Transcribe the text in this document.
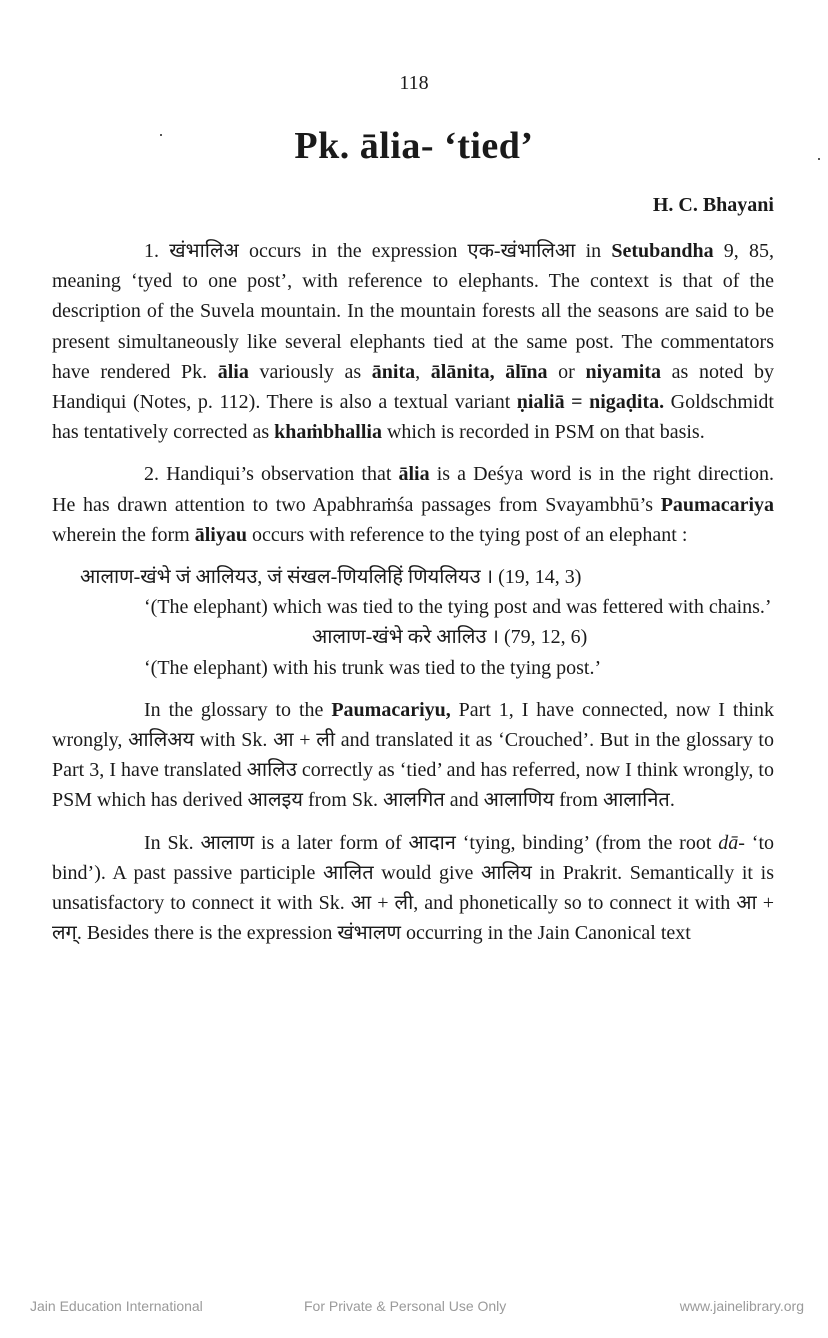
118
Pk. ālia- ‘tied’
H. C. Bhayani

1. खंभालिअ occurs in the expression एक-खंभालिआ in Setubandha 9, 85, meaning ‘tyed to one post’, with reference to elephants. The context is that of the description of the Suvela mountain. In the mountain forests all the seasons are said to be present simultaneously like several elephants tied at the same post. The commentators have rendered Pk. ālia variously as ānita, ālānita, ālīna or niyamita as noted by Handiqui (Notes, p. 112). There is also a textual variant ṇialiā = nigaḍita. Goldschmidt has tentatively corrected as khaṁbhallia which is recorded in PSM on that basis.

2. Handiqui’s observation that ālia is a Deśya word is in the right direction. He has drawn attention to two Apabhraṁśa passages from Svayambhū’s Paumacariya wherein the form āliyau occurs with reference to the tying post of an elephant :

आलाण-खंभे जं आलियउ, जं संखल-णियलिहिं णियलियउ । (19, 14, 3)

‘(The elephant) which was tied to the tying post and was fettered with chains.’

आलाण-खंभे करे आलिउ । (79, 12, 6)

‘(The elephant) with his trunk was tied to the tying post.’

In the glossary to the Paumacariyu, Part 1, I have connected, now I think wrongly, आलिअय with Sk. आ + ली and translated it as ‘Crouched’. But in the glossary to Part 3, I have translated आलिउ correctly as ‘tied’ and has referred, now I think wrongly, to PSM which has derived आलइय from Sk. आलगित and आलाणिय from आलानित.

In Sk. आलाण is a later form of आदान ‘tying, binding’ (from the root dā- ‘to bind’). A past passive participle आलित would give आलिय in Prakrit. Semantically it is unsatisfactory to connect it with Sk. आ + ली, and phonetically so to connect it with आ + लग्. Besides there is the expression खंभालण occurring in the Jain Canonical text

Jain Education International	For Private & Personal Use Only	www.jainelibrary.org
